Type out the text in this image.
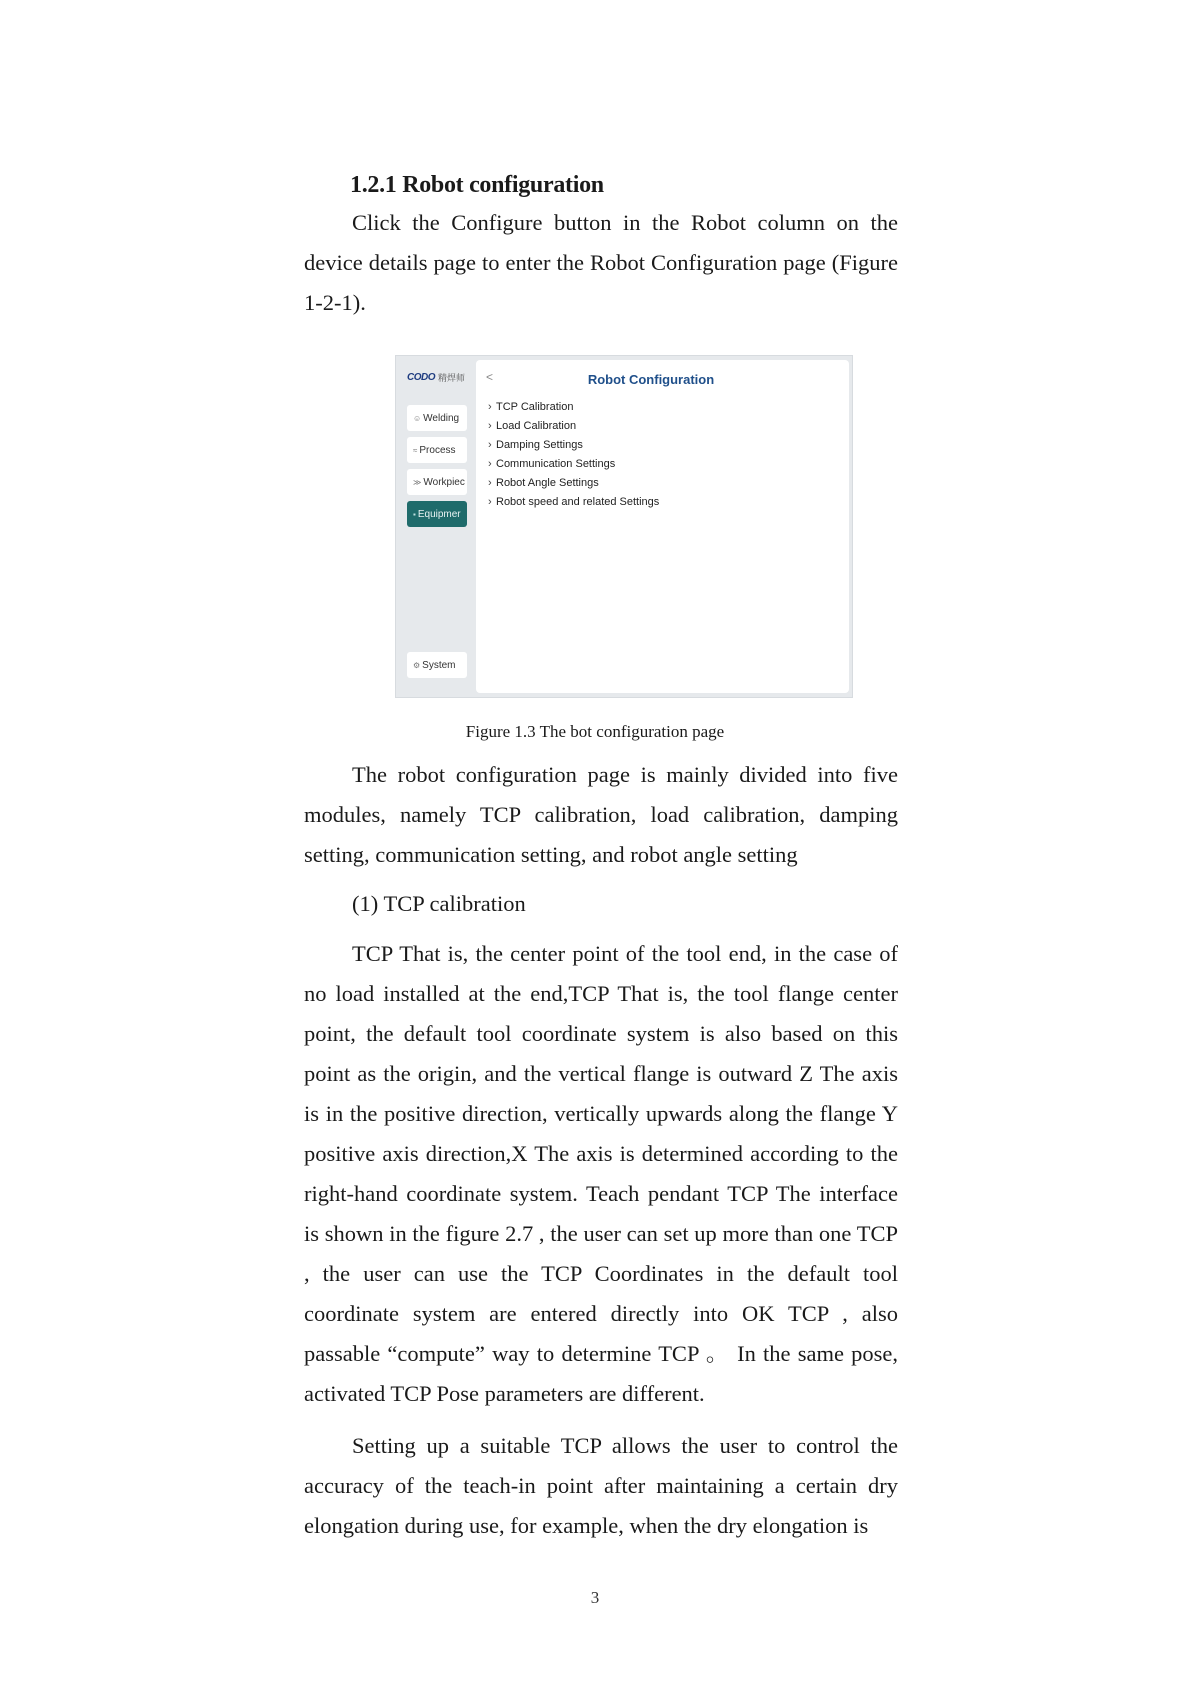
1.2.1 Robot configuration
Click the Configure button in the Robot column on the device details page to enter the Robot Configuration page (Figure 1-2-1).
CODO 精焊师
☺ Welding
≈ Process
≫ Workpiec
▪ Equipmer
⚙ System
<	Robot Configuration
› TCP Calibration
› Load Calibration
› Damping Settings
› Communication Settings
› Robot Angle Settings
› Robot speed and related Settings
Figure 1.3 The bot configuration page
The robot configuration page is mainly divided into five modules, namely TCP calibration, load calibration, damping setting, communication setting, and robot angle setting
(1) TCP calibration
TCP That is, the center point of the tool end, in the case of no load installed at the end,TCP That is, the tool flange center point, the default tool coordinate system is also based on this point as the origin, and the vertical flange is outward Z The axis is in the positive direction, vertically upwards along the flange Y positive axis direction,X The axis is determined according to the right-hand coordinate system. Teach pendant TCP The interface is shown in the figure 2.7 , the user can set up more than one TCP , the user can use the TCP Coordinates in the default tool coordinate system are entered directly into OK TCP , also passable “compute” way to determine TCP 。 In the same pose, activated TCP Pose parameters are different.
Setting up a suitable TCP allows the user to control the accuracy of the teach-in point after maintaining a certain dry elongation during use, for example, when the dry elongation is
3
